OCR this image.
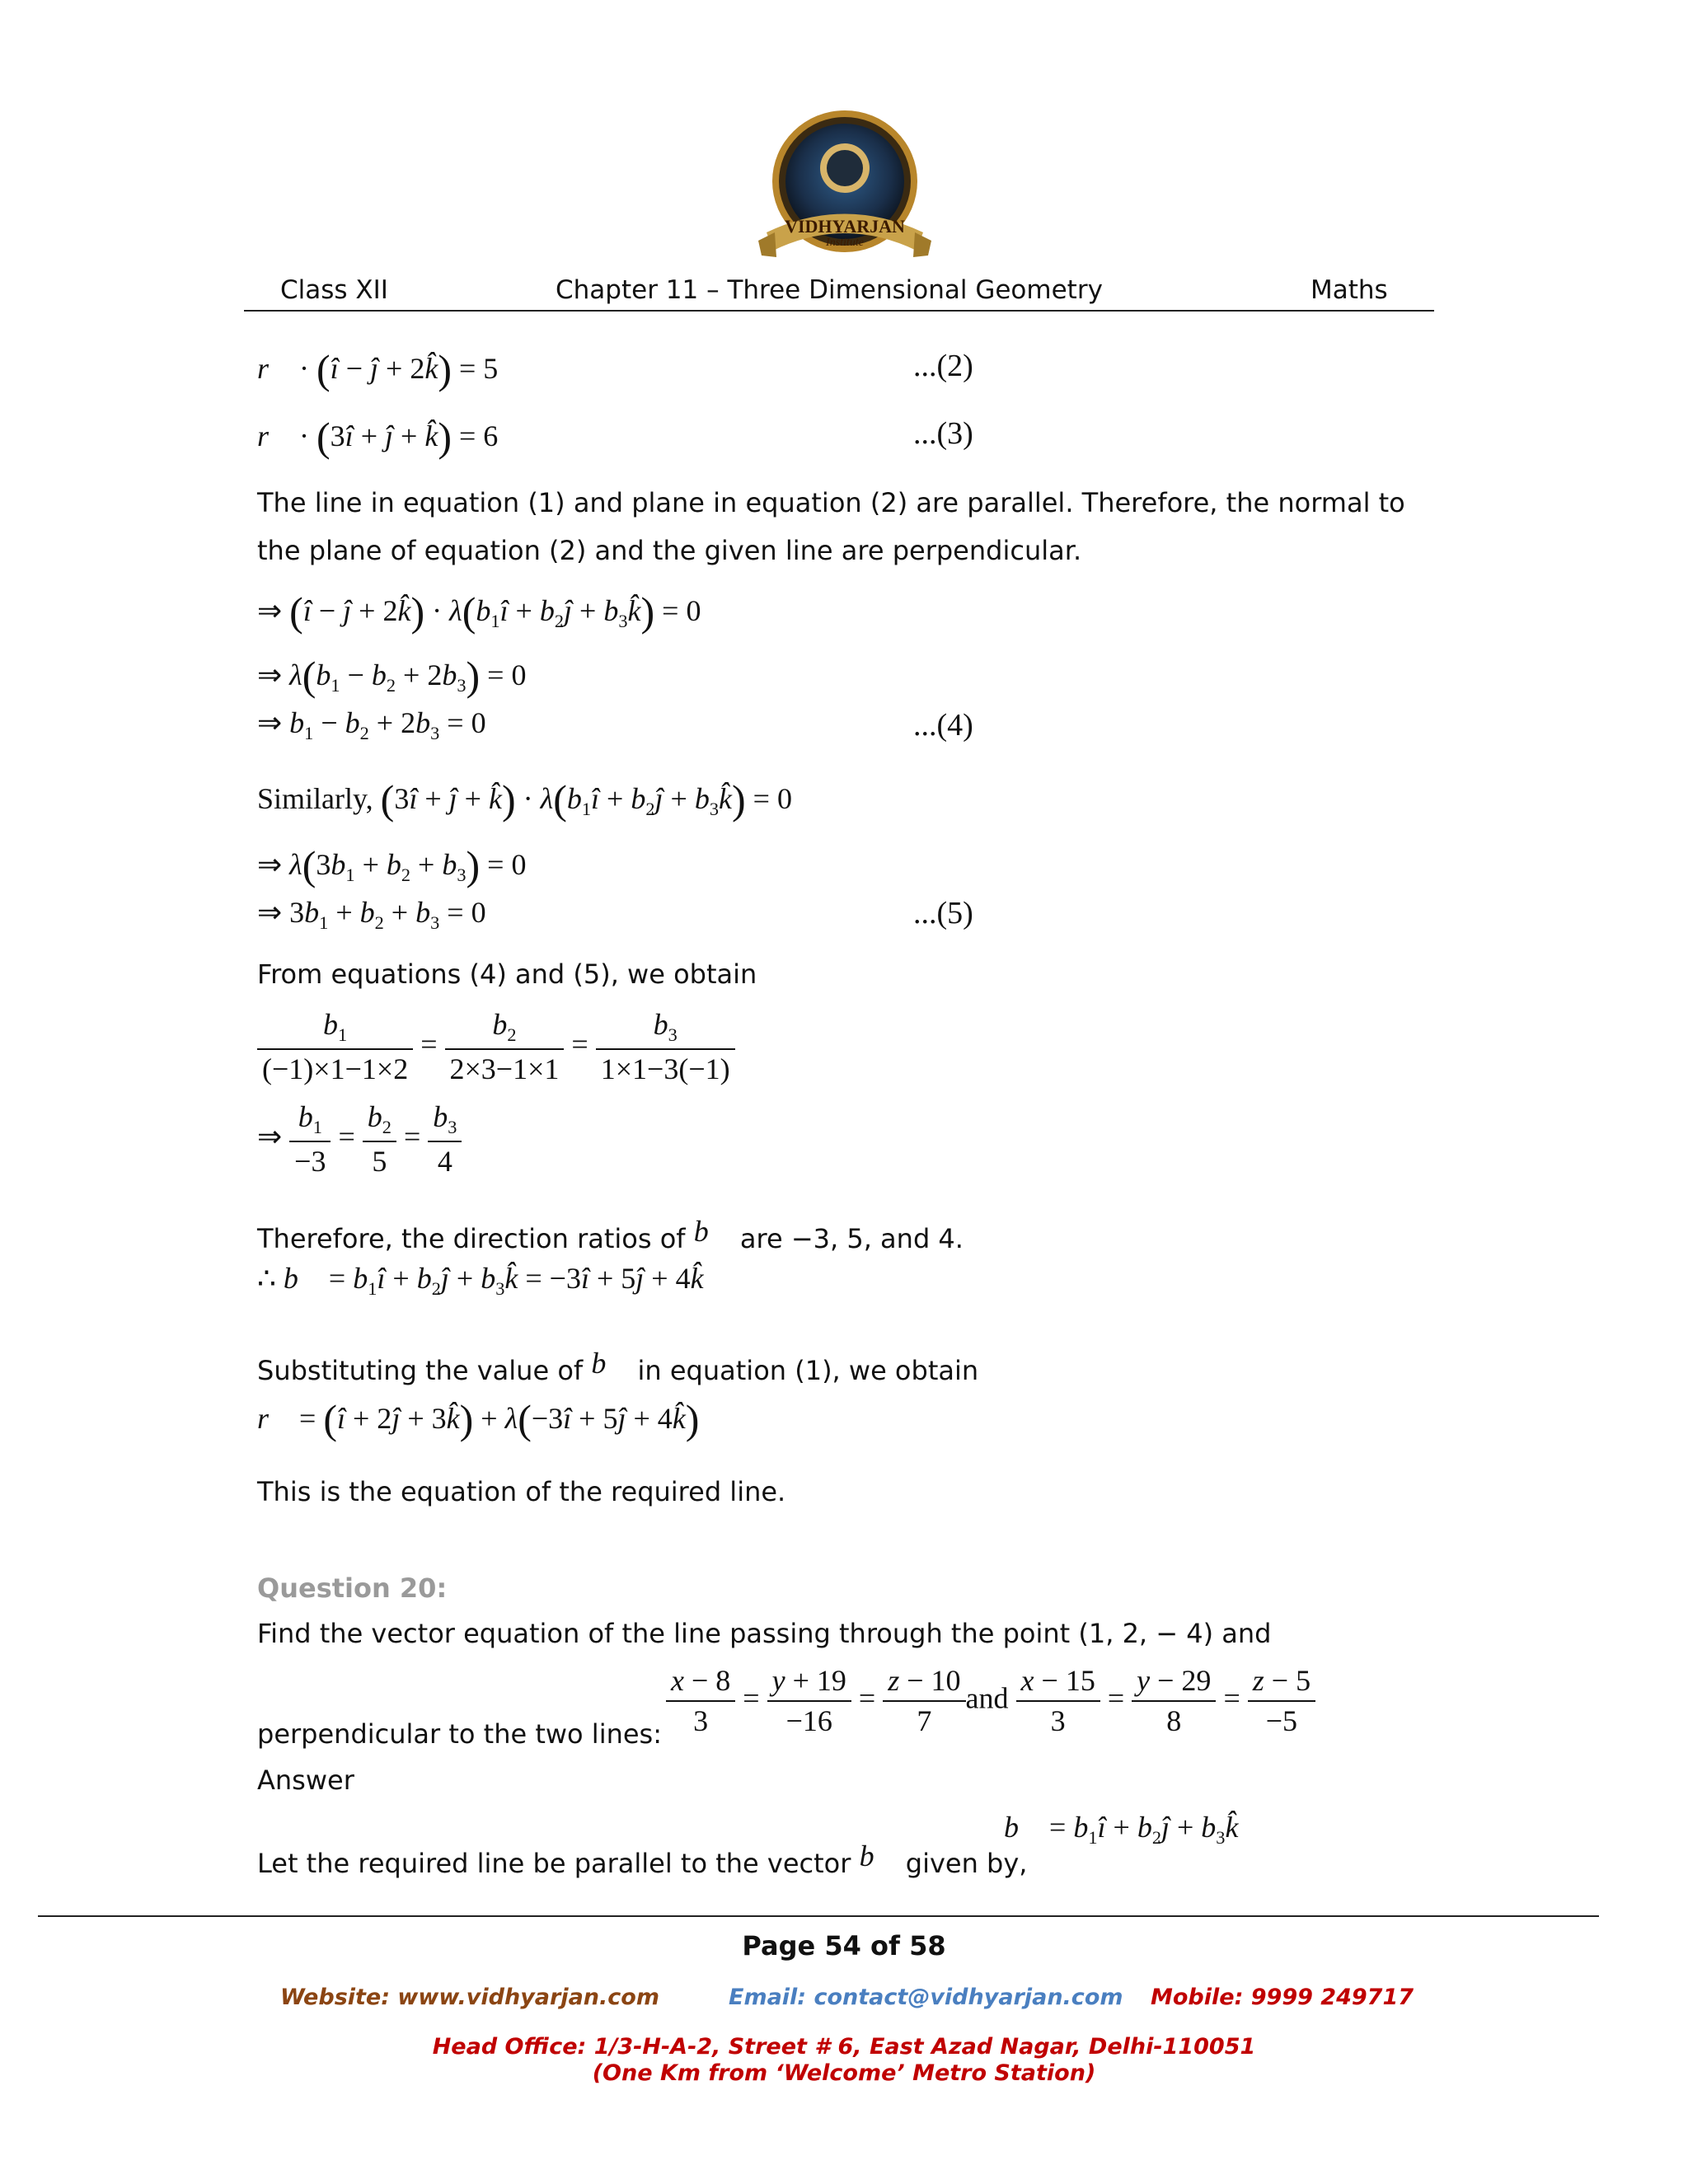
VIDHYARJAN
Institute
Class XII	Chapter 11 – Three Dimensional Geometry	Maths
r⃗ · (î − ĵ + 2k̂) = 5	...(2)
r⃗ · (3î + ĵ + k̂) = 6	...(3)
The line in equation (1) and plane in equation (2) are parallel. Therefore, the normal to
the plane of equation (2) and the given line are perpendicular.
⇒ (î − ĵ + 2k̂) · $\lambda(b_1î$ + $b_2ĵ$ + $b_3k̂) = 0$
⇒ $\lambda(b_1 - b_2 + 2b_3) = 0$
⇒ $b_1 - b_2 + 2b_3 = 0$	...(4)
Similarly, (3î + ĵ + k̂) · $\lambda(b_1î$ + $b_2ĵ$ + $b_3k̂) = 0$
⇒ $\lambda(3b_1 + b_2 + b_3) = 0$
⇒ $3b_1 + b_2 + b_3 = 0$	...(5)
From equations (4) and (5), we obtain
$\frac{b_1}{(-1)\times 1-1\times 2} = \frac{b_2}{2\times 3-1\times 1} = \frac{b_3}{1\times 1-3(-1)}$
⇒ $\frac{b_1}{-3} = \frac{b_2}{5} = \frac{b_3}{4}$
Therefore, the direction ratios of b⃗ are −3, 5, and 4.
∴ b⃗ = $b_1î$ + $b_2ĵ$ + $b_3k̂$ = −3î + 5ĵ + 4k̂
Substituting the value of b⃗ in equation (1), we obtain
r⃗ = (î + 2ĵ + 3k̂) + λ(−3î + 5ĵ + 4k̂)
This is the equation of the required line.
Question 20:
Find the vector equation of the line passing through the point (1, 2, − 4) and
$\frac{x - 8}{3} = \frac{y + 19}{-16} = \frac{z - 10}{7}$ and $\frac{x - 15}{3} = \frac{y - 29}{8} = \frac{z - 5}{-5}$
perpendicular to the two lines:
Answer
Let the required line be parallel to the vector b⃗ given by,
b⃗ = $b_1î$ + $b_2ĵ$ + $b_3k̂$
Page 54 of 58
Website: www.vidhyarjan.com	Email: contact@vidhyarjan.com Mobile: 9999 249717
Head Office: 1/3-H-A-2, Street # 6, East Azad Nagar, Delhi-110051
(One Km from ‘Welcome’ Metro Station)
